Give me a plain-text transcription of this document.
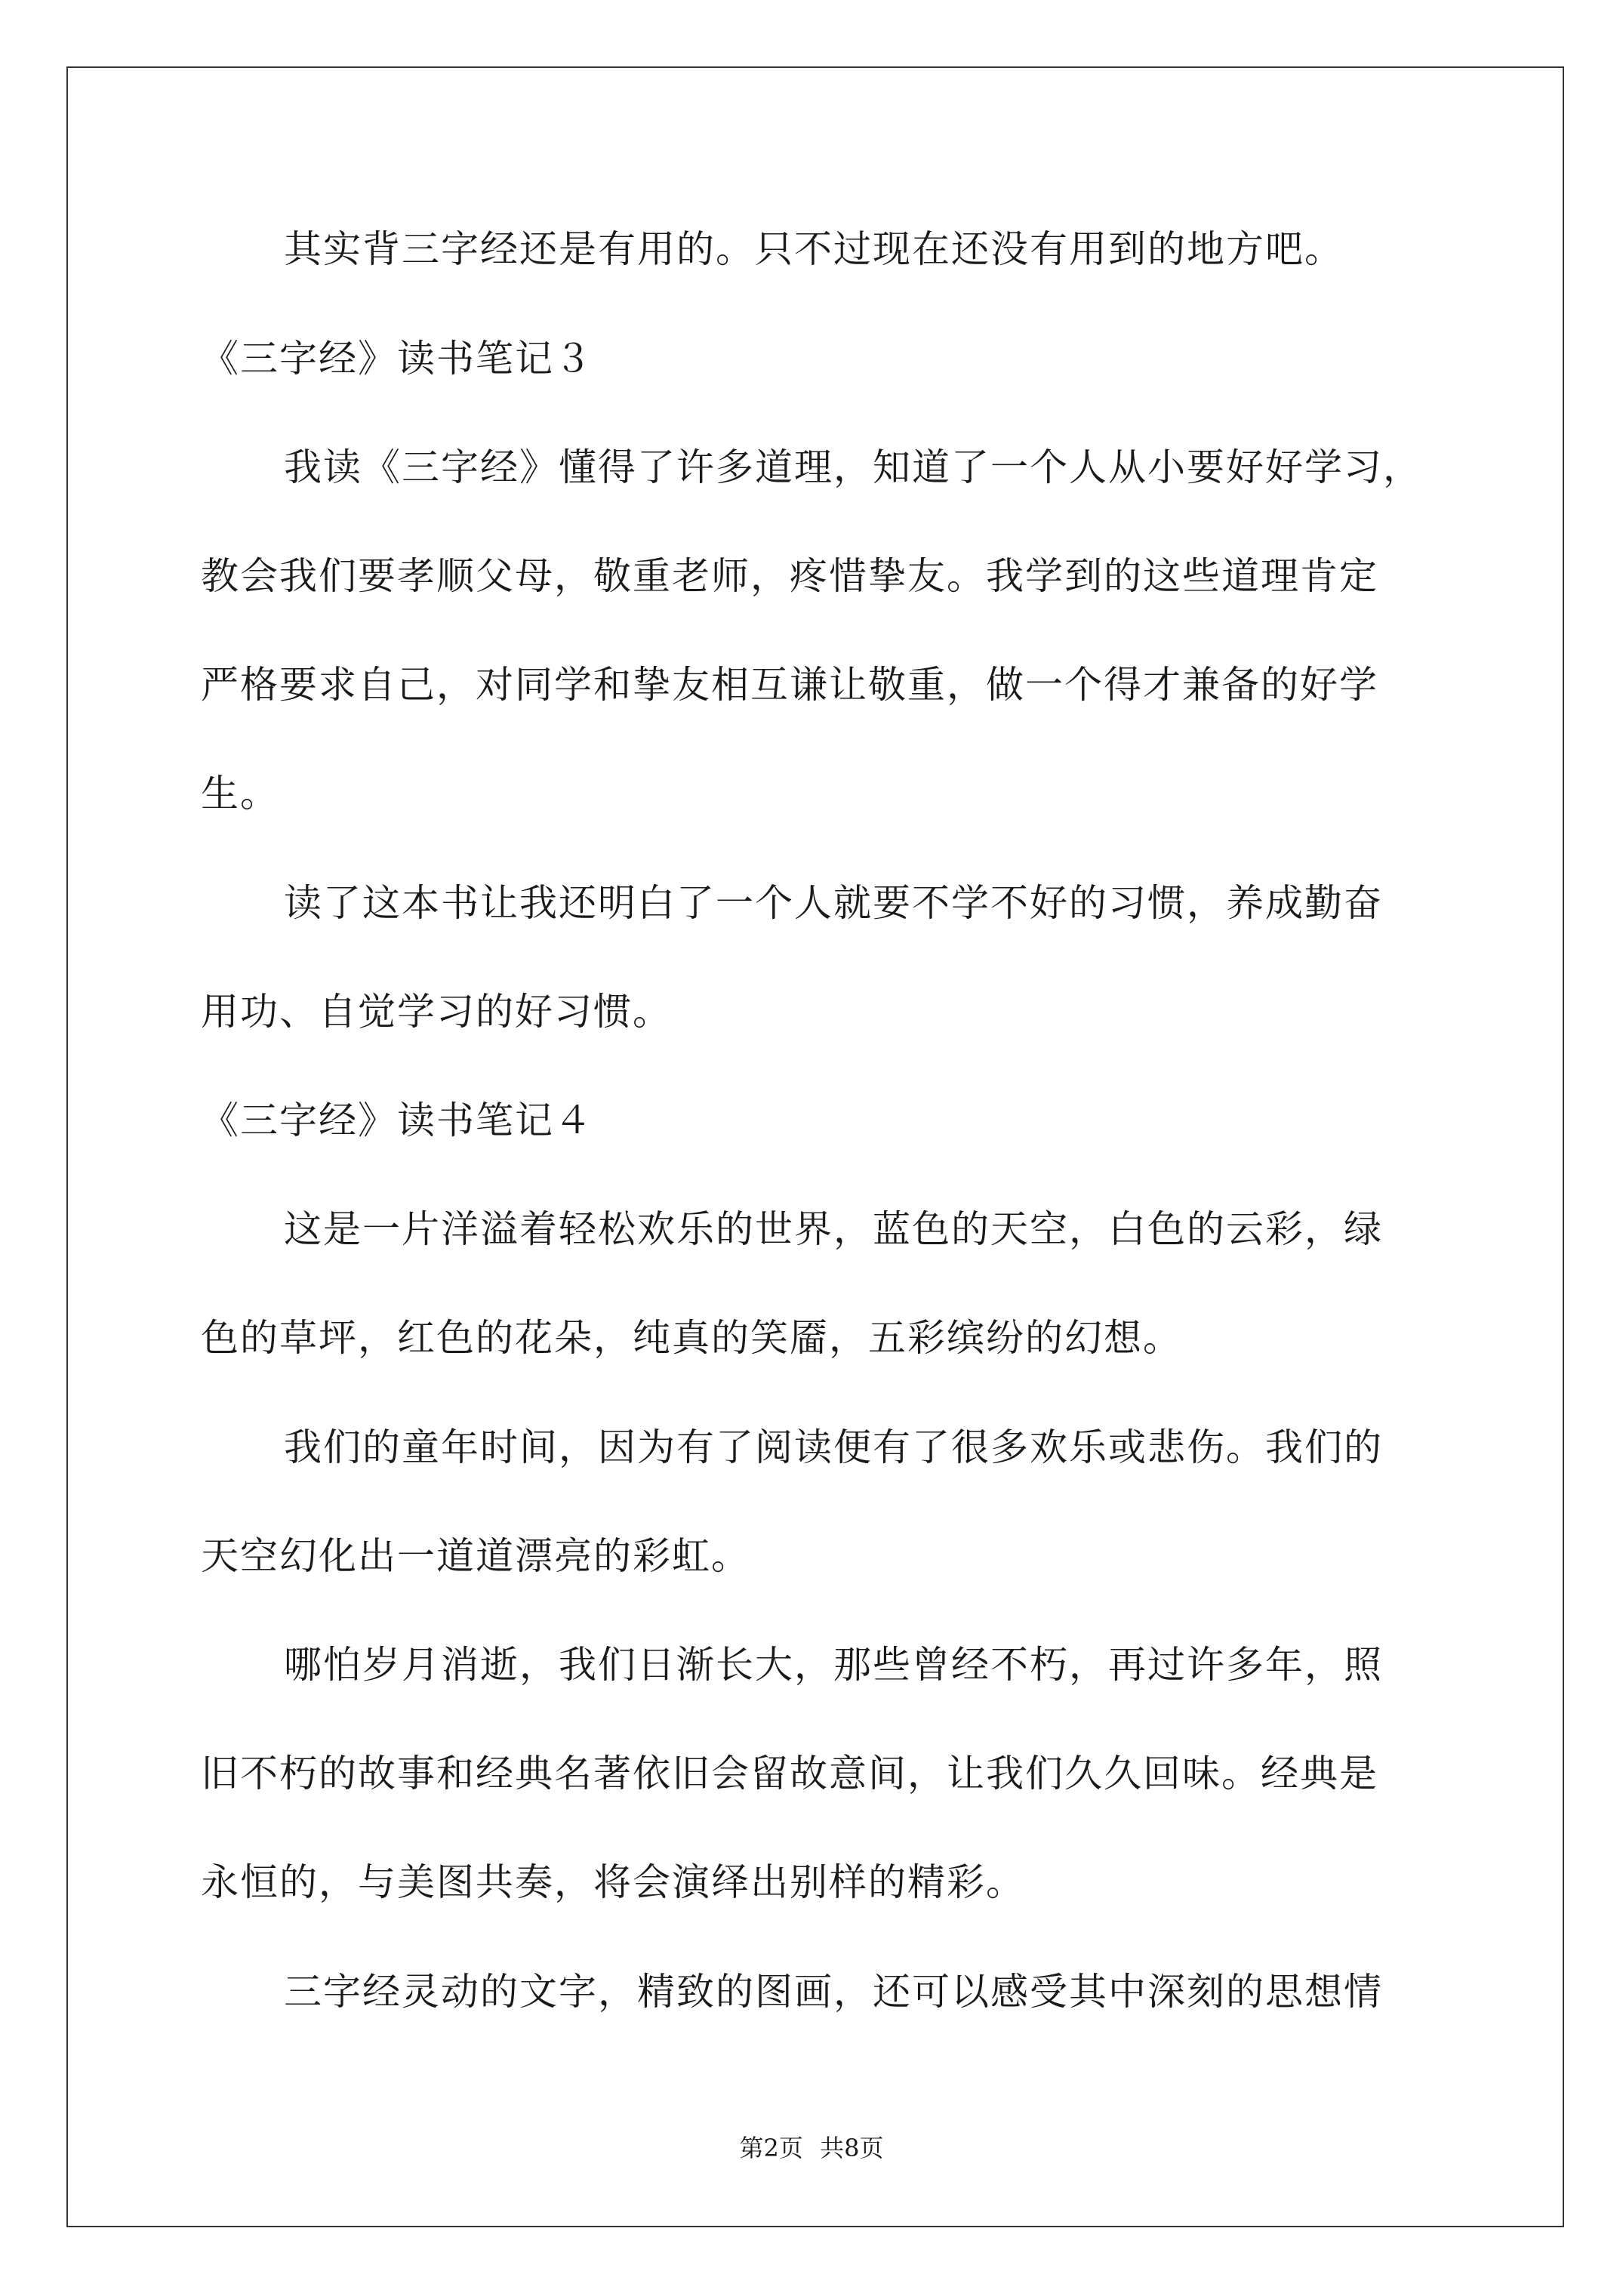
其实背三字经还是有用的。只不过现在还没有用到的地方吧。
《三字经》读书笔记３
我读《三字经》懂得了许多道理，知道了一个人从小要好好学习，
教会我们要孝顺父母，敬重老师，疼惜挚友。我学到的这些道理肯定
严格要求自己，对同学和挚友相互谦让敬重，做一个得才兼备的好学
生。
读了这本书让我还明白了一个人就要不学不好的习惯，养成勤奋
用功、自觉学习的好习惯。
《三字经》读书笔记４
这是一片洋溢着轻松欢乐的世界，蓝色的天空，白色的云彩，绿
色的草坪，红色的花朵，纯真的笑靥，五彩缤纷的幻想。
我们的童年时间，因为有了阅读便有了很多欢乐或悲伤。我们的
天空幻化出一道道漂亮的彩虹。
哪怕岁月消逝，我们日渐长大，那些曾经不朽，再过许多年，照
旧不朽的故事和经典名著依旧会留故意间，让我们久久回味。经典是
永恒的，与美图共奏，将会演绎出别样的精彩。
三字经灵动的文字，精致的图画，还可以感受其中深刻的思想情
第2页 共8页
